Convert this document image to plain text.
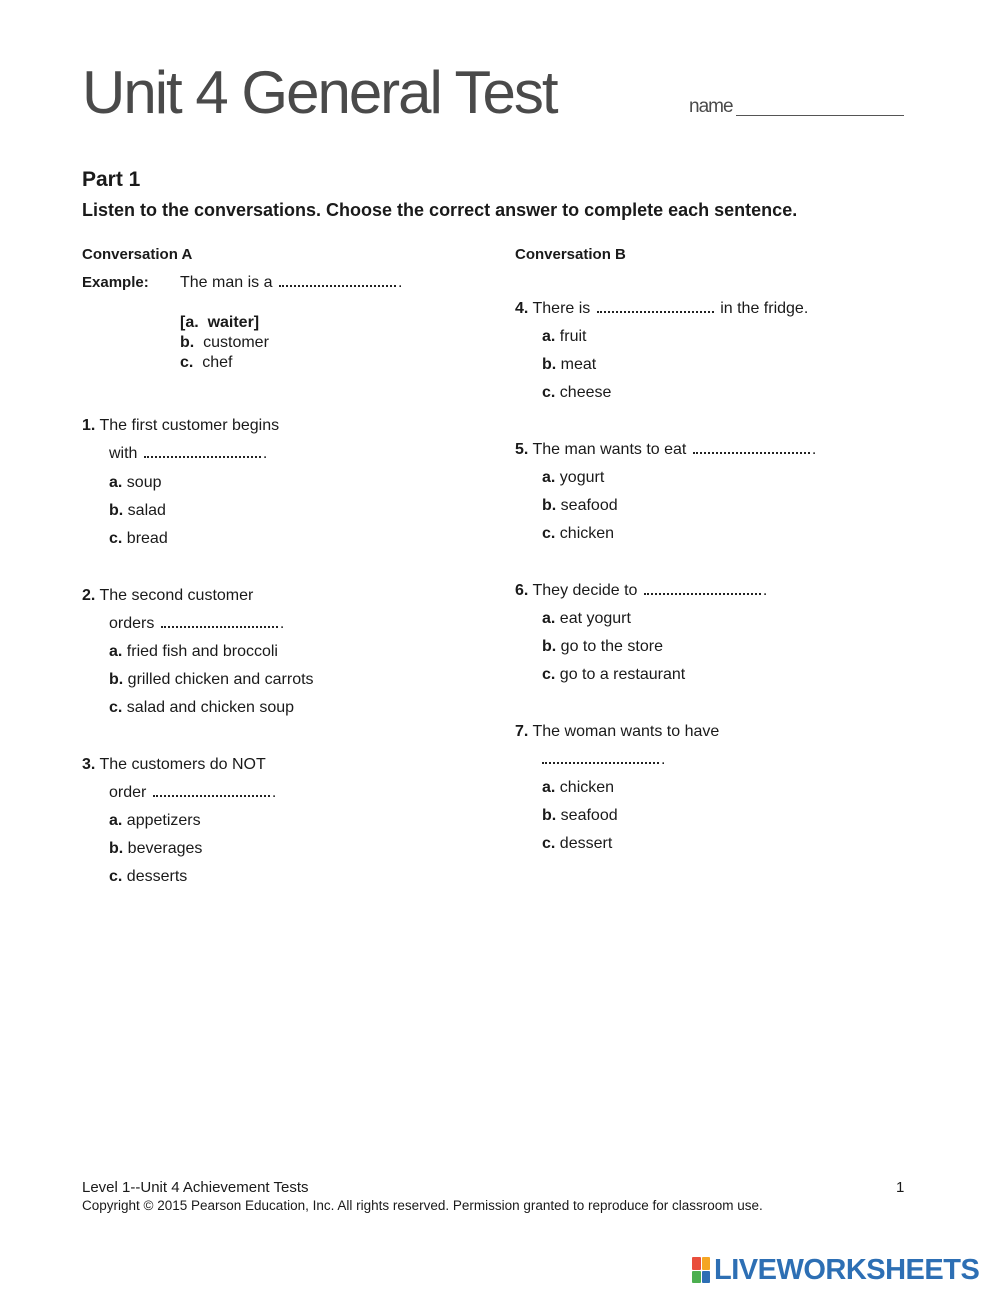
Unit 4 General Test	name
Part 1
Listen to the conversations. Choose the correct answer to complete each sentence.
Conversation A
Example: The man is a	.
[a. waiter]
b. customer
c. chef
1. The first customer begins
with	.
a. soup
b. salad
c. bread
2. The second customer
orders	.
a. fried fish and broccoli
b. grilled chicken and carrots
c. salad and chicken soup
3. The customers do NOT
order	.
a. appetizers
b. beverages
c. desserts
Conversation B
4. There is	in the fridge.
a. fruit
b. meat
c. cheese
5. The man wants to eat	.
a. yogurt
b. seafood
c. chicken
6. They decide to	.
a. eat yogurt
b. go to the store
c. go to a restaurant
7. The woman wants to have
.
a. chicken
b. seafood
c. dessert
Level 1--Unit 4 Achievement Tests	1
Copyright © 2015 Pearson Education, Inc. All rights reserved. Permission granted to reproduce for classroom use.
LIVEWORKSHEETS
